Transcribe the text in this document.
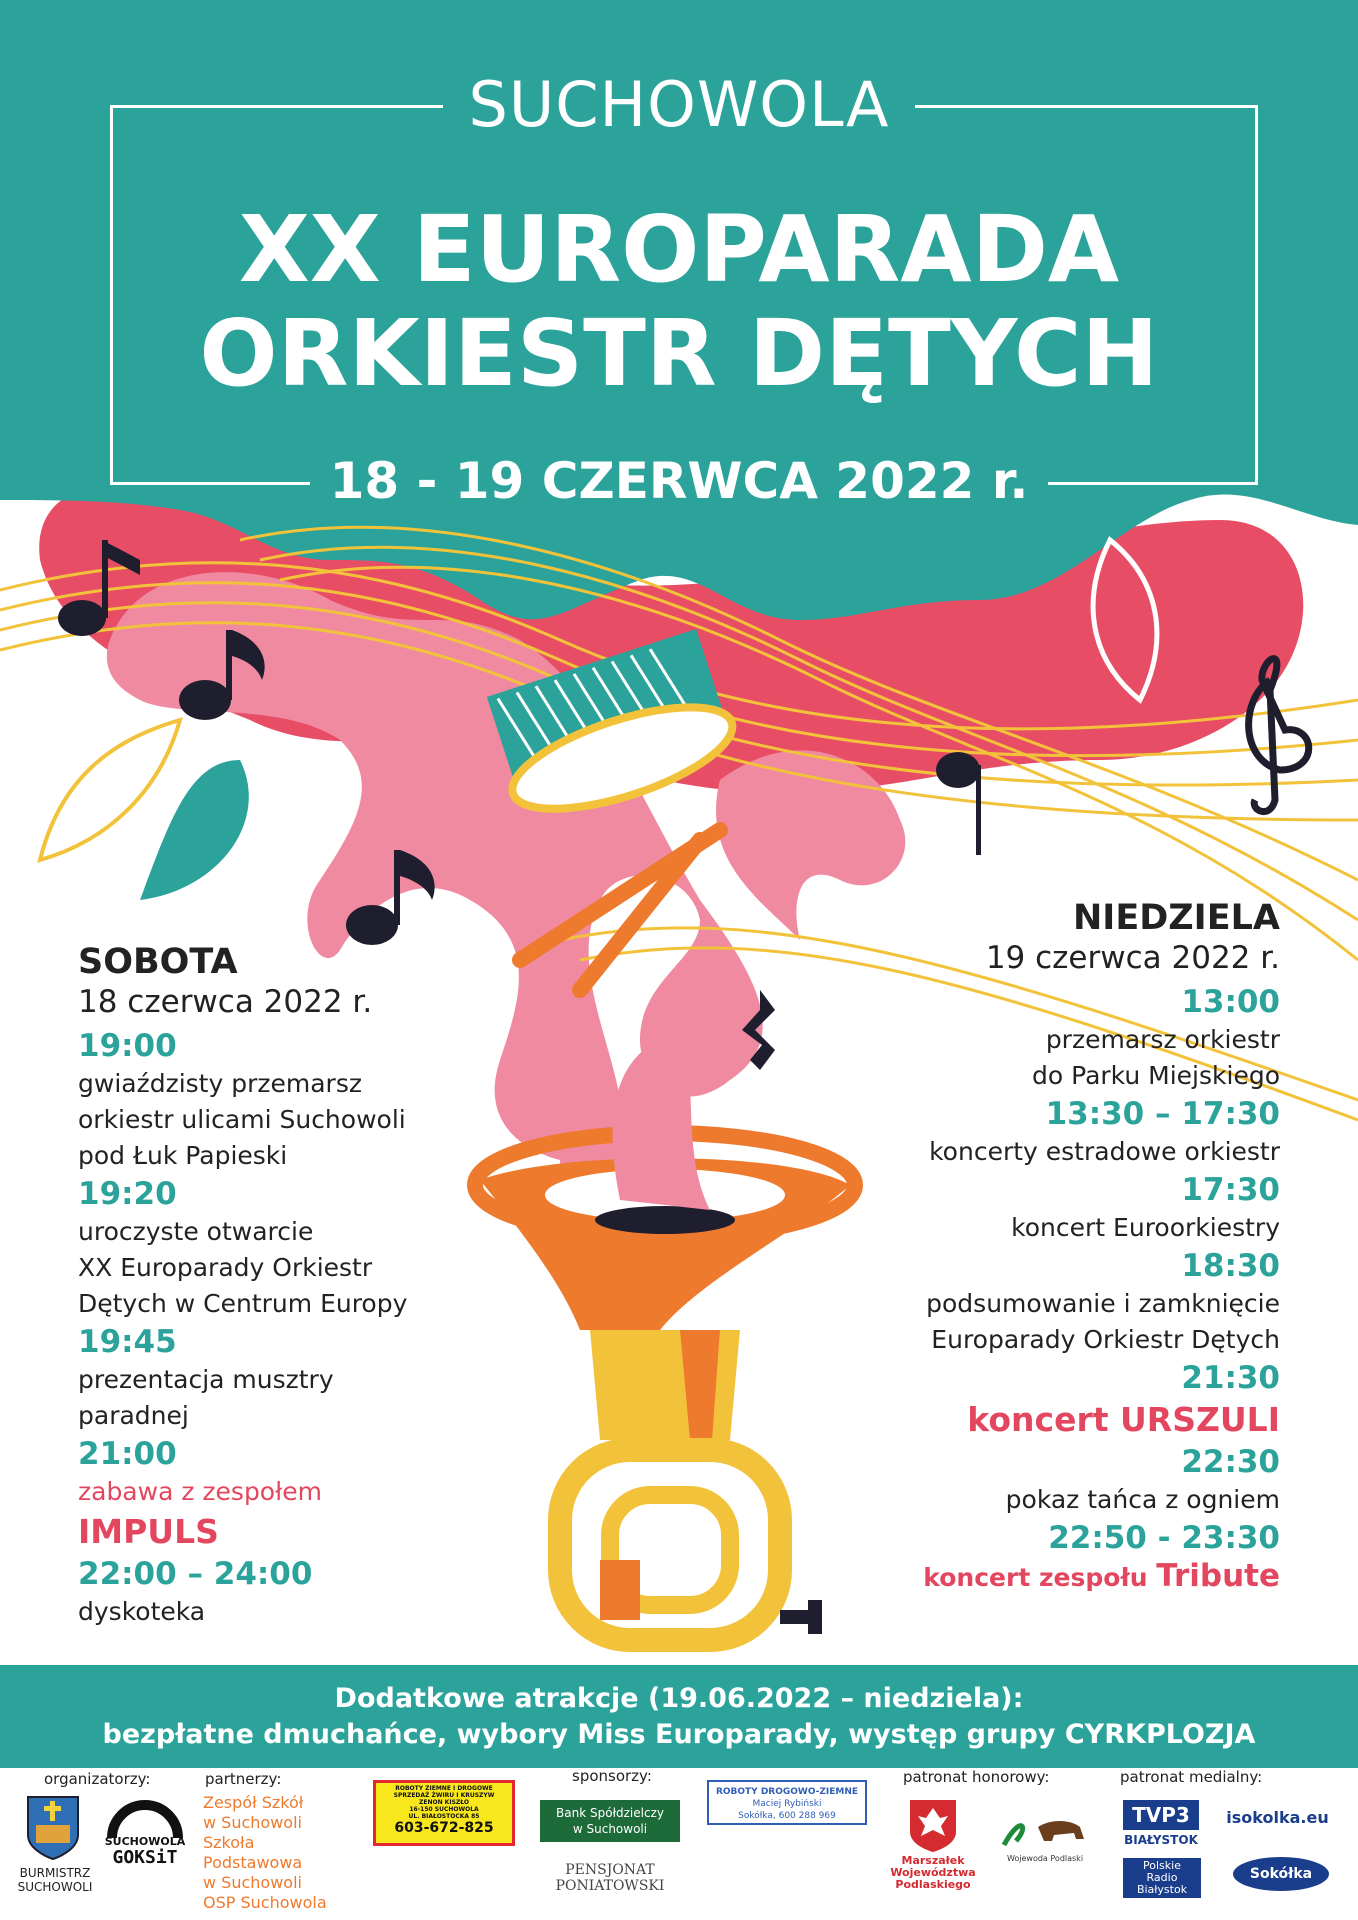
SUCHOWOLA
XX EUROPARADA
ORKIESTR DĘTYCH
18 - 19 CZERWCA 2022 r.
SOBOTA
18 czerwca 2022 r.
19:00
gwiaździsty przemarsz
orkiestr ulicami Suchowoli
pod Łuk Papieski
19:20
uroczyste otwarcie
XX Europarady Orkiestr
Dętych w Centrum Europy
19:45
prezentacja musztry
paradnej
21:00
zabawa z zespołem
IMPULS
22:00 – 24:00
dyskoteka
NIEDZIELA
19 czerwca 2022 r.
13:00
przemarsz orkiestr
do Parku Miejskiego
13:30 – 17:30
koncerty estradowe orkiestr
17:30
koncert Euroorkiestry
18:30
podsumowanie i zamknięcie
Europarady Orkiestr Dętych
21:30
koncert URSZULI
22:30
pokaz tańca z ogniem
22:50 - 23:30
koncert zespołu Tribute
Dodatkowe atrakcje (19.06.2022 – niedziela):
bezpłatne dmuchańce, wybory Miss Europarady, występ grupy CYRKPLOZJA
organizatorzy:	partnerzy:	sponsorzy:	patronat honorowy:	patronat medialny:
BURMISTRZ
SUCHOWOLI
SUCHOWOLA
GOKSiT
Zespół Szkół
w Suchowoli
Szkoła
Podstawowa
w Suchowoli
OSP Suchowola
ROBOTY ZIEMNE I DROGOWE
SPRZEDAŻ ŻWIRU I KRUSZYW
ZENON KISZŁO
16-150 SUCHOWOLA
UL. BIAŁOSTOCKA 85
603-672-825
Bank Spółdzielczy
w Suchowoli
PENSJONAT
PONIATOWSKI
ROBOTY DROGOWO-ZIEMNE
Maciej Rybiński
Sokółka, 600 288 969
Marszałek
Województwa
Podlaskiego
Wojewoda Podlaski
TVP3
BIAŁYSTOK
Polskie
Radio
Białystok
isokolka.eu
Sokółka
